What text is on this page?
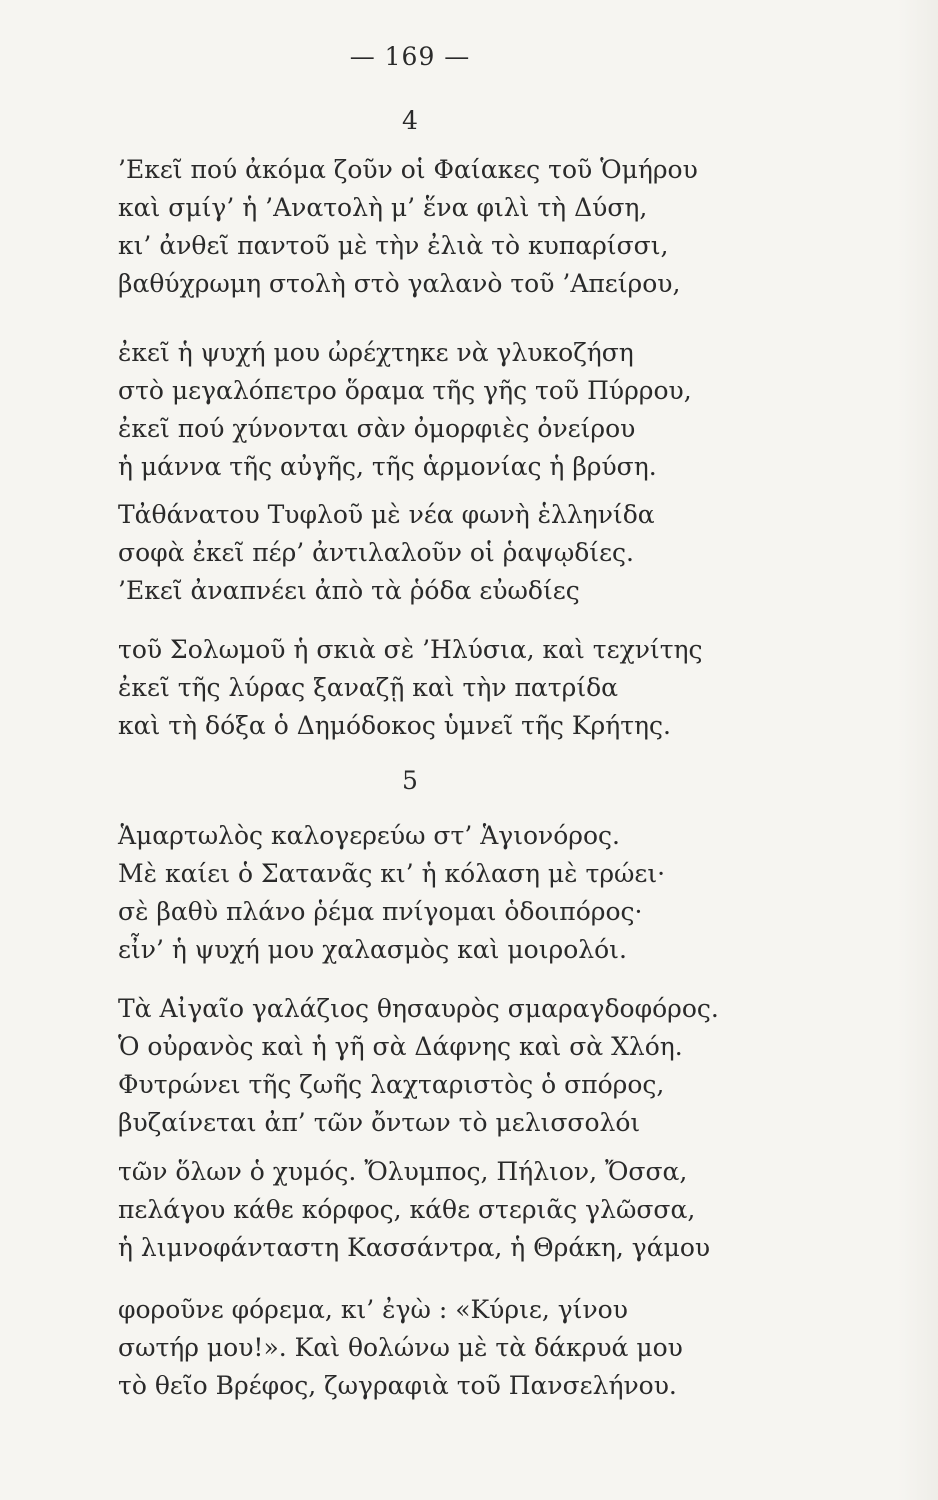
— 169 —
4
’Εκεῖ πού ἀκόμα ζοῦν οἱ Φαίακες τοῦ Ὁμήρου
καὶ σμίγ’ ἡ ’Ανατολὴ μ’ ἕνα φιλὶ τὴ Δύση,
κι’ ἀνθεῖ παντοῦ μὲ τὴν ἐλιὰ τὸ κυπαρίσσι,
βαθύχρωμη στολὴ στὸ γαλανὸ τοῦ ’Απείρου,
ἐκεῖ ἡ ψυχή μου ὠρέχτηκε νὰ γλυκοζήση
στὸ μεγαλόπετρο ὅραμα τῆς γῆς τοῦ Πύρρου,
ἐκεῖ πού χύνονται σὰν ὀμορφιὲς ὀνείρου
ἡ μάννα τῆς αὐγῆς, τῆς ἁρμονίας ἡ βρύση.
Τἀθάνατου Τυφλοῦ μὲ νέα φωνὴ ἑλληνίδα
σοφὰ ἐκεῖ πέρ’ ἀντιλαλοῦν οἱ ῥαψῳδίες.
’Εκεῖ ἀναπνέει ἀπὸ τὰ ῥόδα εὐωδίες
τοῦ Σολωμοῦ ἡ σκιὰ σὲ ’Ηλύσια, καὶ τεχνίτης
ἐκεῖ τῆς λύρας ξαναζῇ καὶ τὴν πατρίδα
καὶ τὴ δόξα ὁ Δημόδοκος ὑμνεῖ τῆς Κρήτης.
5
Ἁμαρτωλὸς καλογερεύω στ’ Ἁγιονόρος.
Μὲ καίει ὁ Σατανᾶς κι’ ἡ κόλαση μὲ τρώει·
σὲ βαθὺ πλάνο ῥέμα πνίγομαι ὁδοιπόρος·
εἶν’ ἡ ψυχή μου χαλασμὸς καὶ μοιρολόι.
Τὰ Αἰγαῖο γαλάζιος θησαυρὸς σμαραγδοφόρος.
Ὁ οὐρανὸς καὶ ἡ γῆ σὰ Δάφνης καὶ σὰ Χλόη.
Φυτρώνει τῆς ζωῆς λαχταριστὸς ὁ σπόρος,
βυζαίνεται ἀπ’ τῶν ὄντων τὸ μελισσολόι
τῶν ὅλων ὁ χυμός. Ὄλυμπος, Πήλιον, Ὄσσα,
πελάγου κάθε κόρφος, κάθε στεριᾶς γλῶσσα,
ἡ λιμνοφάνταστη Κασσάντρα, ἡ Θράκη, γάμου
φοροῦνε φόρεμα, κι’ ἐγὼ : «Κύριε, γίνου
σωτήρ μου!». Καὶ θολώνω μὲ τὰ δάκρυά μου
τὸ θεῖο Βρέφος, ζωγραφιὰ τοῦ Πανσελήνου.
